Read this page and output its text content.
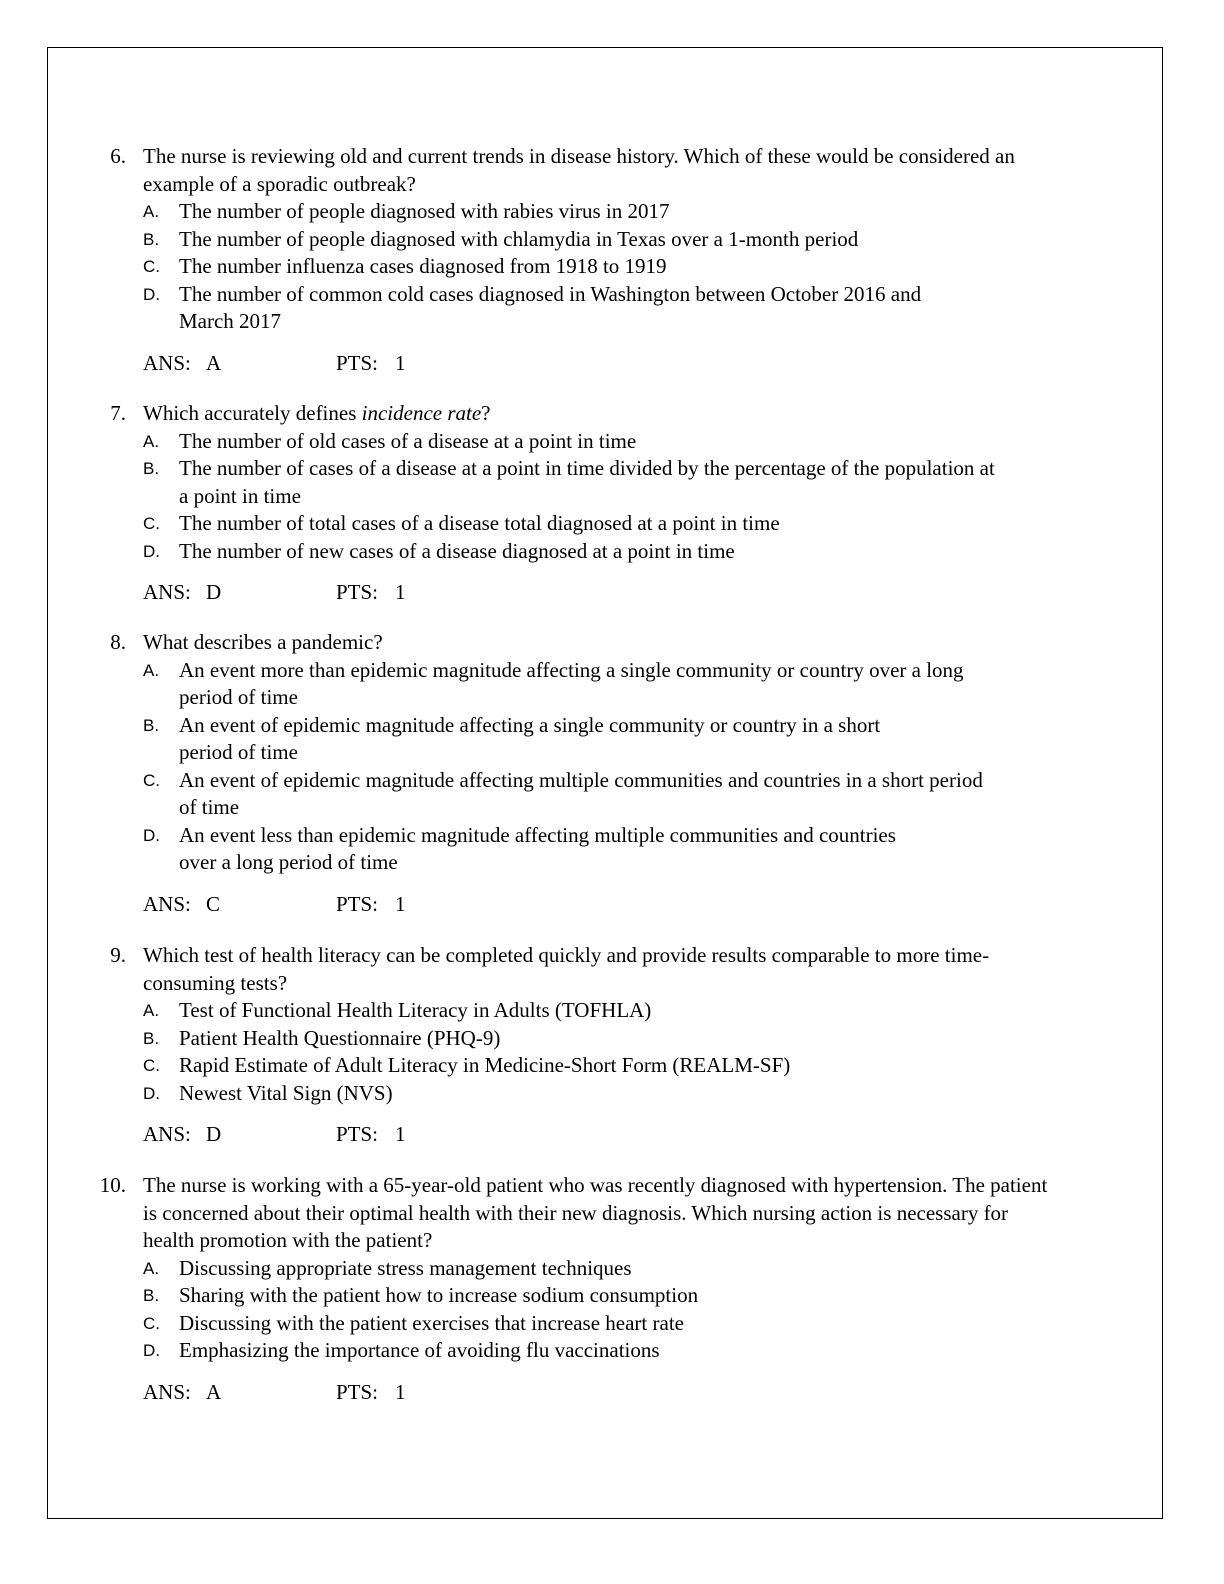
6. The nurse is reviewing old and current trends in disease history. Which of these would be considered an example of a sporadic outbreak?
A. The number of people diagnosed with rabies virus in 2017
B. The number of people diagnosed with chlamydia in Texas over a 1-month period
C. The number influenza cases diagnosed from 1918 to 1919
D. The number of common cold cases diagnosed in Washington between October 2016 and March 2017
ANS: A	PTS: 1
7. Which accurately defines incidence rate?
A. The number of old cases of a disease at a point in time
B. The number of cases of a disease at a point in time divided by the percentage of the population at a point in time
C. The number of total cases of a disease total diagnosed at a point in time
D. The number of new cases of a disease diagnosed at a point in time
ANS: D	PTS: 1
8. What describes a pandemic?
A. An event more than epidemic magnitude affecting a single community or country over a long period of time
B. An event of epidemic magnitude affecting a single community or country in a short period of time
C. An event of epidemic magnitude affecting multiple communities and countries in a short period of time
D. An event less than epidemic magnitude affecting multiple communities and countries over a long period of time
ANS: C	PTS: 1
9. Which test of health literacy can be completed quickly and provide results comparable to more time-consuming tests?
A. Test of Functional Health Literacy in Adults (TOFHLA)
B. Patient Health Questionnaire (PHQ-9)
C. Rapid Estimate of Adult Literacy in Medicine-Short Form (REALM-SF)
D. Newest Vital Sign (NVS)
ANS: D	PTS: 1
10. The nurse is working with a 65-year-old patient who was recently diagnosed with hypertension. The patient is concerned about their optimal health with their new diagnosis. Which nursing action is necessary for health promotion with the patient?
A. Discussing appropriate stress management techniques
B. Sharing with the patient how to increase sodium consumption
C. Discussing with the patient exercises that increase heart rate
D. Emphasizing the importance of avoiding flu vaccinations
ANS: A	PTS: 1
